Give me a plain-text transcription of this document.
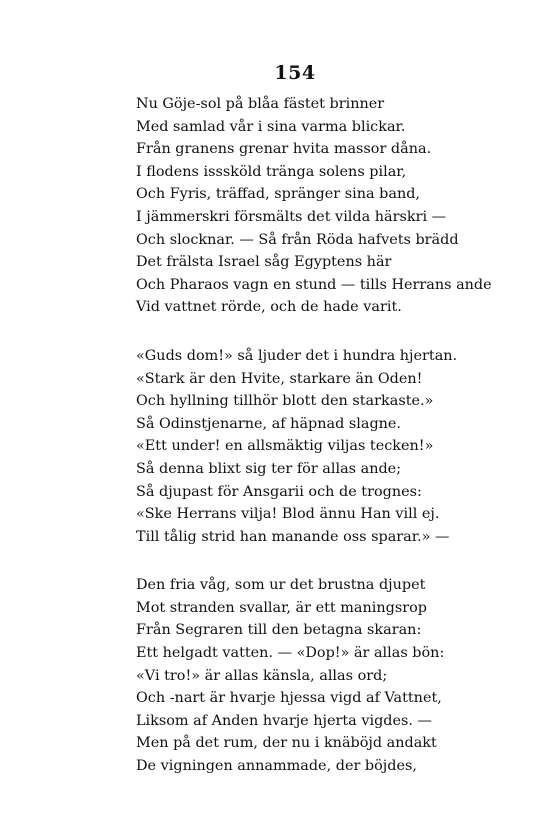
154
Nu Göje-sol på blåa fästet brinner
Med samlad vår i sina varma blickar.
Från granens grenar hvita massor dåna.
I flodens isssköld tränga solens pilar,
Och Fyris, träffad, spränger sina band,
I jämmerskri försmälts det vilda härskri —
Och slocknar. — Så från Röda hafvets brädd
Det frälsta Israel såg Egyptens här
Och Pharaos vagn en stund — tills Herrans ande
Vid vattnet rörde, och de hade varit.
«Guds dom!» så ljuder det i hundra hjertan.
«Stark är den Hvite, starkare än Oden!
Och hyllning tillhör blott den starkaste.»
Så Odinstjenarne, af häpnad slagne.
«Ett under! en allsmäktig viljas tecken!»
Så denna blixt sig ter för allas ande;
Så djupast för Ansgarii och de trognes:
«Ske Herrans vilja! Blod ännu Han vill ej.
Till tålig strid han manande oss sparar.» —
Den fria våg, som ur det brustna djupet
Mot stranden svallar, är ett maningsrop
Från Segraren till den betagna skaran:
Ett helgadt vatten. — «Dop!» är allas bön:
«Vi tro!» är allas känsla, allas ord;
Och -nart är hvarje hjessa vigd af Vattnet,
Liksom af Anden hvarje hjerta vigdes. —
Men på det rum, der nu i knäböjd andakt
De vigningen annammade, der böjdes,
